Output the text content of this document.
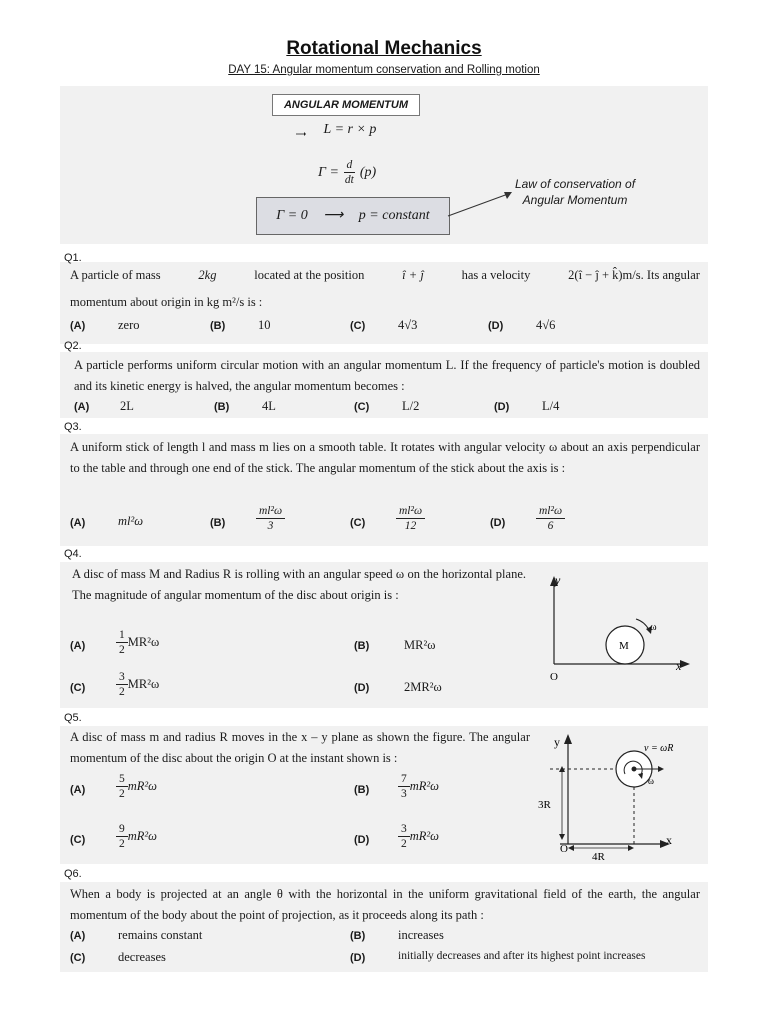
Rotational Mechanics
DAY 15: Angular momentum conservation and Rolling motion
ANGULAR MOMENTUM
L = r × p
$\Gamma = \frac{d}{dt} (p)$
Γ = 0 ⟶ p = constant
Law of conservation of Angular Momentum
Q1.
A particle of mass	2kg	located at the position	î + ĵ	has a velocity	2(î − ĵ + k̂)m/s. Its angular
momentum about origin in kg m²/s is :
(A)	zero	(B)	10	(C)	4√3	(D)	4√6
Q2.
A particle performs uniform circular motion with an angular momentum L. If the frequency of particle's motion is doubled and its kinetic energy is halved, the angular momentum becomes :
(A) 2L	(B)	4L	(C)	L/2	(D)	L/4
Q3.
A uniform stick of length l and mass m lies on a smooth table. It rotates with angular velocity ω about an axis perpendicular to the table and through one end of the stick. The angular momentum of the stick about the axis is :
(A)	ml²ω	(B)	$\frac{\text{ml²ω}}{3}$	(C)	$\frac{\text{ml²ω}}{12}$	(D)	$\frac{\text{ml²ω}}{6}$
Q4.
A disc of mass M and Radius R is rolling with an angular speed ω on the horizontal plane. The magnitude of angular momentum of the disc about origin is :
(A)	$\frac{1}{2} MR^2\omega$	(B)	MR²ω
(C)	$\frac{3}{2} MR^2\omega$	(D)	2MR²ω
y
x
O
M
ω
Q5.
A disc of mass m and radius R moves in the x – y plane as shown the figure. The angular momentum of the disc about the origin O at the instant shown is :
(A)	$\frac{5}{2} mR^2\omega$	$(B) \frac{7}{3} mR^2\omega$
(C)	$\frac{9}{2} mR^2\omega$	$(D) \frac{3}{2} mR^2\omega$
y
x
O
v = ωR
3R
4R
ω
Q6.
When a body is projected at an angle θ with the horizontal in the uniform gravitational field of the earth, the angular momentum of the body about the point of projection, as it proceeds along its path :
(A)	remains constant	(B)	increases
(C)	decreases	(D)	initially decreases and after its highest point increases
